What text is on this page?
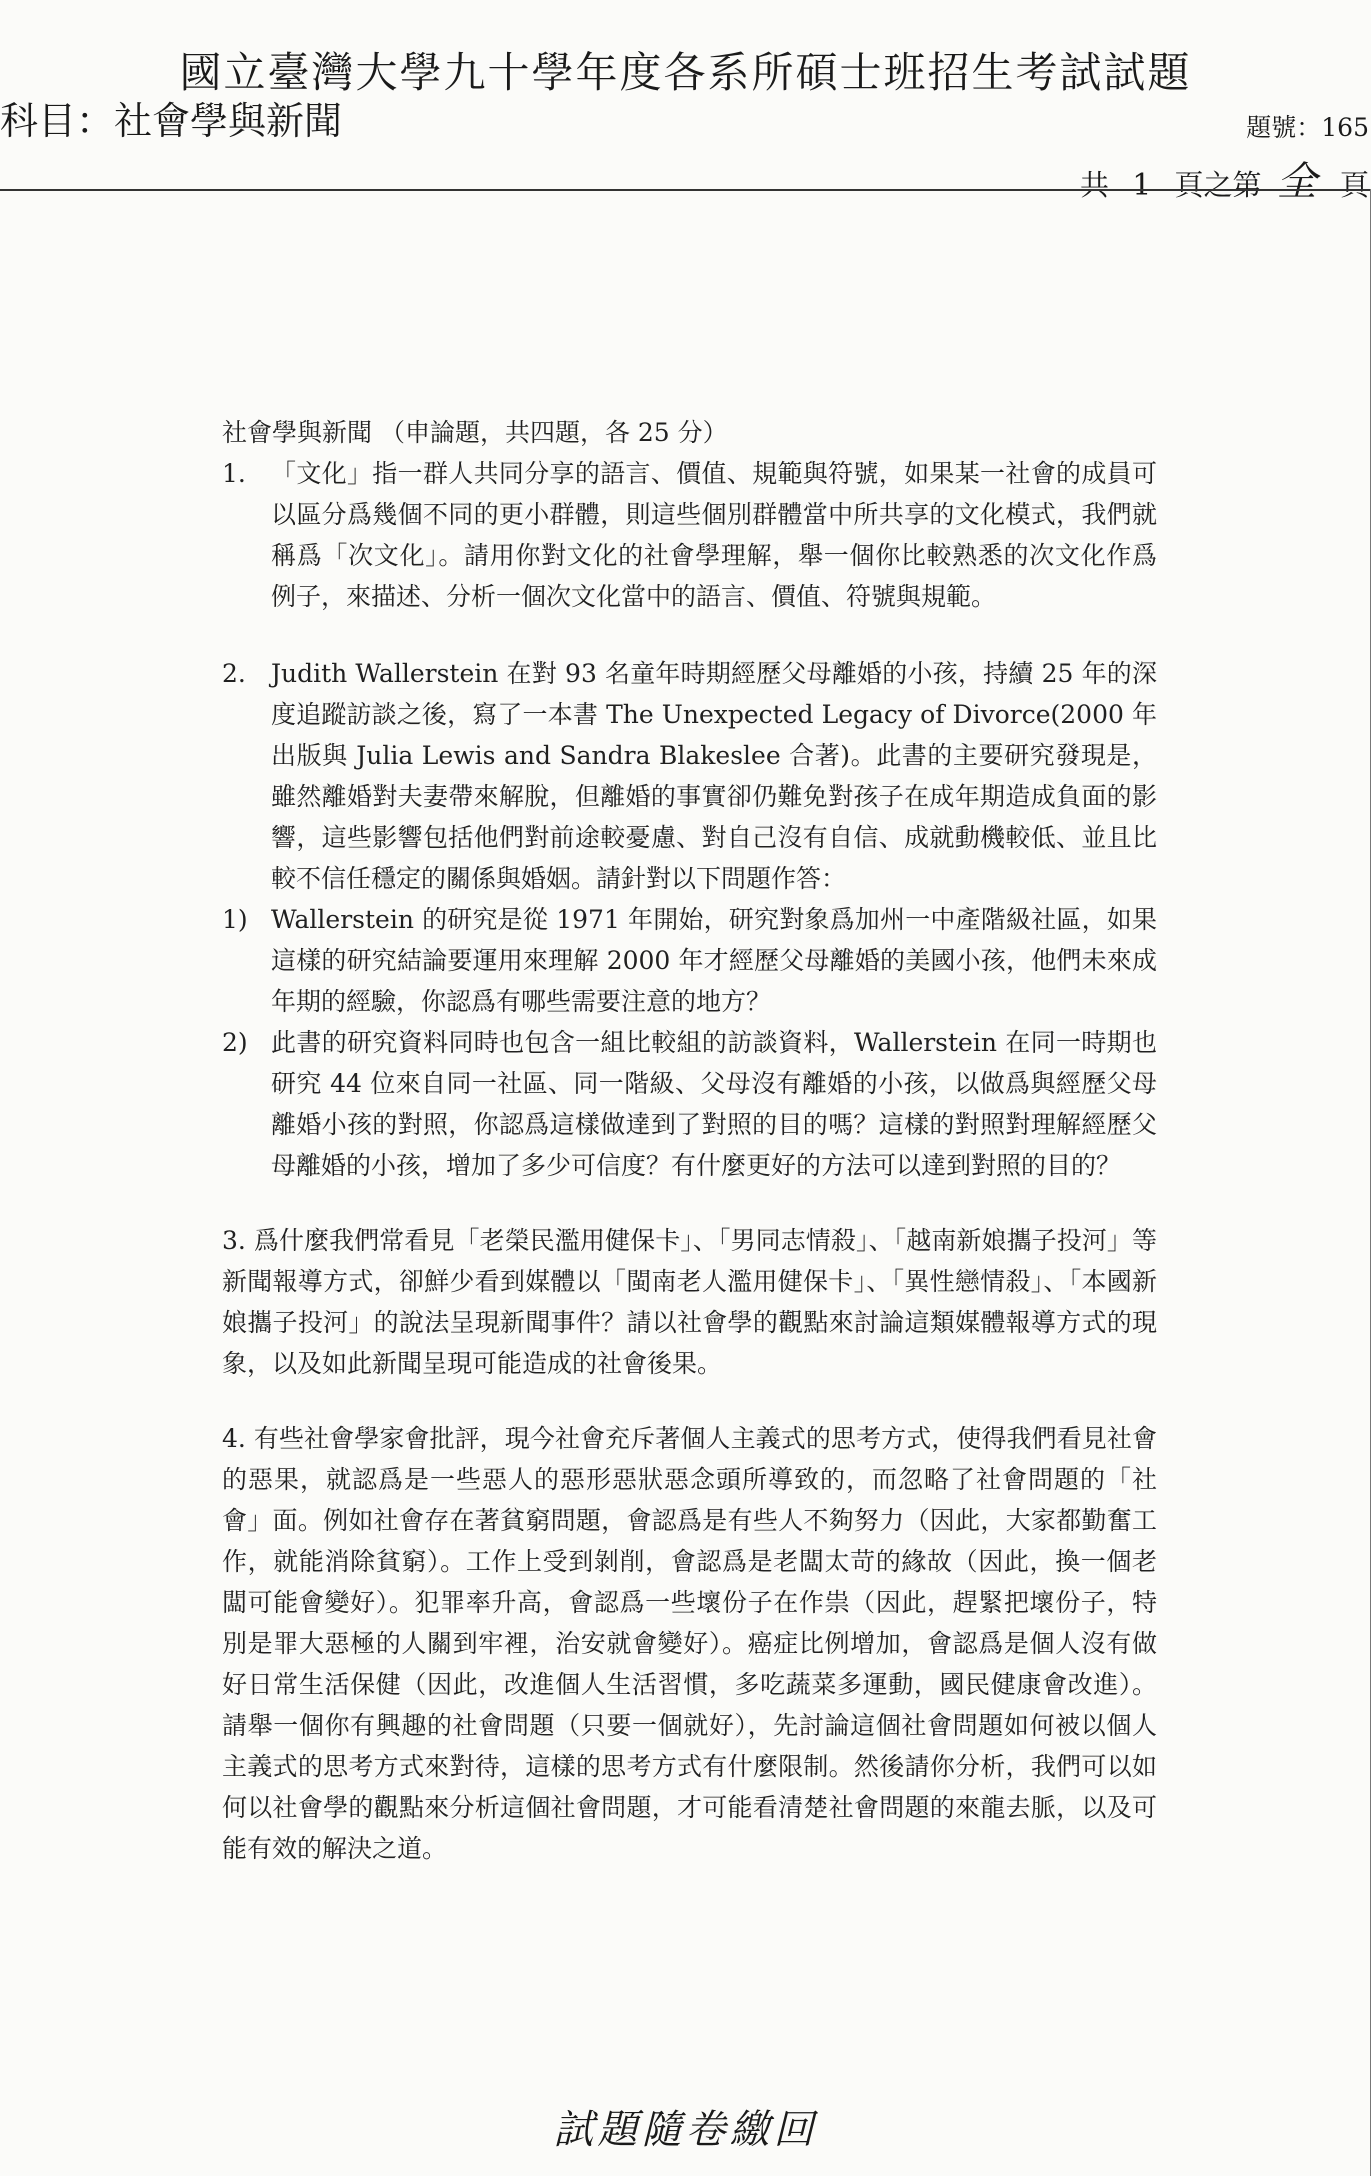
國立臺灣大學九十學年度各系所碩士班招生考試試題
科目：社會學與新聞	題號：165
共 1 頁之第 全 頁

社會學與新聞 （申論題，共四題，各 25 分）

1.	「文化」指一群人共同分享的語言、價值、規範與符號，如果某一社會的成員可以區分爲幾個不同的更小群體，則這些個別群體當中所共享的文化模式，我們就稱爲「次文化」。請用你對文化的社會學理解，舉一個你比較熟悉的次文化作爲例子，來描述、分析一個次文化當中的語言、價值、符號與規範。
2.	Judith Wallerstein 在對 93 名童年時期經歷父母離婚的小孩，持續 25 年的深度追蹤訪談之後，寫了一本書 The Unexpected Legacy of Divorce(2000 年出版與 Julia Lewis and Sandra Blakeslee 合著)。此書的主要研究發現是，雖然離婚對夫妻帶來解脫，但離婚的事實卻仍難免對孩子在成年期造成負面的影響，這些影響包括他們對前途較憂慮、對自己沒有自信、成就動機較低、並且比較不信任穩定的關係與婚姻。請針對以下問題作答：
1) Wallerstein 的研究是從 1971 年開始，研究對象爲加州一中產階級社區，如果這樣的研究結論要運用來理解 2000 年才經歷父母離婚的美國小孩，他們未來成年期的經驗，你認爲有哪些需要注意的地方？
2) 此書的研究資料同時也包含一組比較組的訪談資料，Wallerstein 在同一時期也研究 44 位來自同一社區、同一階級、父母沒有離婚的小孩，以做爲與經歷父母離婚小孩的對照，你認爲這樣做達到了對照的目的嗎？這樣的對照對理解經歷父母離婚的小孩，增加了多少可信度？有什麼更好的方法可以達到對照的目的？

3. 爲什麼我們常看見「老榮民濫用健保卡」、「男同志情殺」、「越南新娘攜子投河」等新聞報導方式，卻鮮少看到媒體以「閩南老人濫用健保卡」、「異性戀情殺」、「本國新娘攜子投河」的說法呈現新聞事件？請以社會學的觀點來討論這類媒體報導方式的現象，以及如此新聞呈現可能造成的社會後果。

4. 有些社會學家會批評，現今社會充斥著個人主義式的思考方式，使得我們看見社會的惡果，就認爲是一些惡人的惡形惡狀惡念頭所導致的，而忽略了社會問題的「社會」面。例如社會存在著貧窮問題，會認爲是有些人不夠努力（因此，大家都勤奮工作，就能消除貧窮）。工作上受到剝削，會認爲是老闆太苛的緣故（因此，換一個老闆可能會變好）。犯罪率升高，會認爲一些壞份子在作祟（因此，趕緊把壞份子，特別是罪大惡極的人關到牢裡，治安就會變好）。癌症比例增加，會認爲是個人沒有做好日常生活保健（因此，改進個人生活習慣，多吃蔬菜多運動，國民健康會改進）。請舉一個你有興趣的社會問題（只要一個就好），先討論這個社會問題如何被以個人主義式的思考方式來對待，這樣的思考方式有什麼限制。然後請你分析，我們可以如何以社會學的觀點來分析這個社會問題，才可能看清楚社會問題的來龍去脈，以及可能有效的解決之道。

試題隨卷繳回
